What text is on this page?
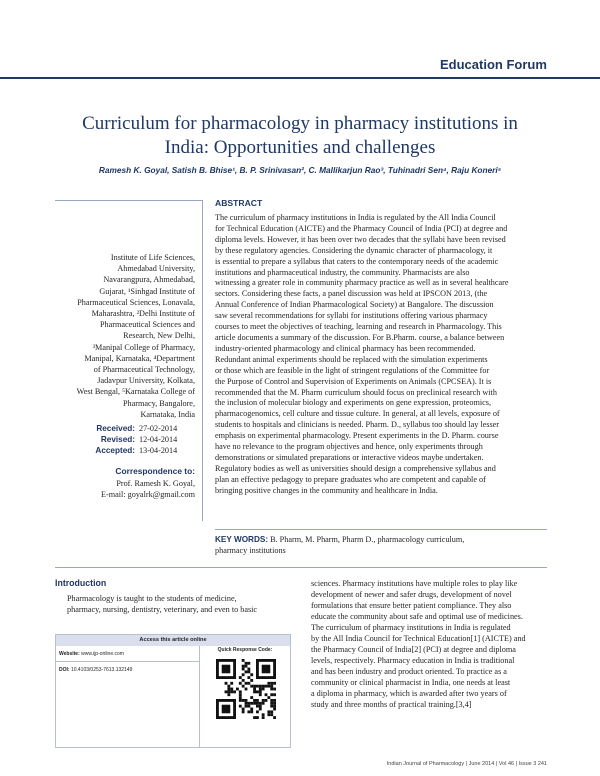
Education Forum
Curriculum for pharmacology in pharmacy institutions in
India: Opportunities and challenges
Ramesh K. Goyal, Satish B. Bhise¹, B. P. Srinivasan², C. Mallikarjun Rao³, Tuhinadri Sen⁴, Raju Koneri⁵
Institute of Life Sciences,
Ahmedabad University,
Navarangpura, Ahmedabad,
Gujarat, ¹Sinhgad Institute of
Pharmaceutical Sciences, Lonavala,
Maharashtra, ²Delhi Institute of
Pharmaceutical Sciences and
Research, New Delhi,
³Manipal College of Pharmacy,
Manipal, Karnataka, ⁴Department
of Pharmaceutical Technology,
Jadavpur University, Kolkata,
West Bengal, ⁵Karnataka College of
Pharmacy, Bangalore,
Karnataka, India
Received: 27-02-2014
Revised: 12-04-2014
Accepted: 13-04-2014
Correspondence to:
Prof. Ramesh K. Goyal,
E-mail: goyalrk@gmail.com
ABSTRACT
The curriculum of pharmacy institutions in India is regulated by the All India Council
for Technical Education (AICTE) and the Pharmacy Council of India (PCI) at degree and
diploma levels. However, it has been over two decades that the syllabi have been revised
by these regulatory agencies. Considering the dynamic character of pharmacology, it
is essential to prepare a syllabus that caters to the contemporary needs of the academic
institutions and pharmaceutical industry, the community. Pharmacists are also
witnessing a greater role in community pharmacy practice as well as in several healthcare
sectors. Considering these facts, a panel discussion was held at IPSCON 2013, (the
Annual Conference of Indian Pharmacological Society) at Bangalore. The discussion
saw several recommendations for syllabi for institutions offering various pharmacy
courses to meet the objectives of teaching, learning and research in Pharmacology. This
article documents a summary of the discussion. For B.Pharm. course, a balance between
industry-oriented pharmacology and clinical pharmacy has been recommended.
Redundant animal experiments should be replaced with the simulation experiments
or those which are feasible in the light of stringent regulations of the Committee for
the Purpose of Control and Supervision of Experiments on Animals (CPCSEA). It is
recommended that the M. Pharm curriculum should focus on preclinical research with
the inclusion of molecular biology and experiments on gene expression, proteomics,
pharmacogenomics, cell culture and tissue culture. In general, at all levels, exposure of
students to hospitals and clinicians is needed. Pharm. D., syllabus too should lay lesser
emphasis on experimental pharmacology. Present experiments in the D. Pharm. course
have no relevance to the program objectives and hence, only experiments through
demonstrations or simulated preparations or interactive videos maybe undertaken.
Regulatory bodies as well as universities should design a comprehensive syllabus and
plan an effective pedagogy to prepare graduates who are competent and capable of
bringing positive changes in the community and healthcare in India.
KEY WORDS: B. Pharm, M. Pharm, Pharm D., pharmacology curriculum,
pharmacy institutions
Introduction
Pharmacology is taught to the students of medicine,
pharmacy, nursing, dentistry, veterinary, and even to basic
Access this article online
Website: www.ijp-online.com
DOI: 10.4103/0253-7613.132149
Quick Response Code:
sciences. Pharmacy institutions have multiple roles to play like
development of newer and safer drugs, development of novel
formulations that ensure better patient compliance. They also
educate the community about safe and optimal use of medicines.
The curriculum of pharmacy institutions in India is regulated
by the All India Council for Technical Education[1] (AICTE) and
the Pharmacy Council of India[2] (PCI) at degree and diploma
levels, respectively. Pharmacy education in India is traditional
and has been industry and product oriented. To practice as a
community or clinical pharmacist in India, one needs at least
a diploma in pharmacy, which is awarded after two years of
study and three months of practical training.[3,4]
Indian Journal of Pharmacology | June 2014 | Vol 46 | Issue 3 241
